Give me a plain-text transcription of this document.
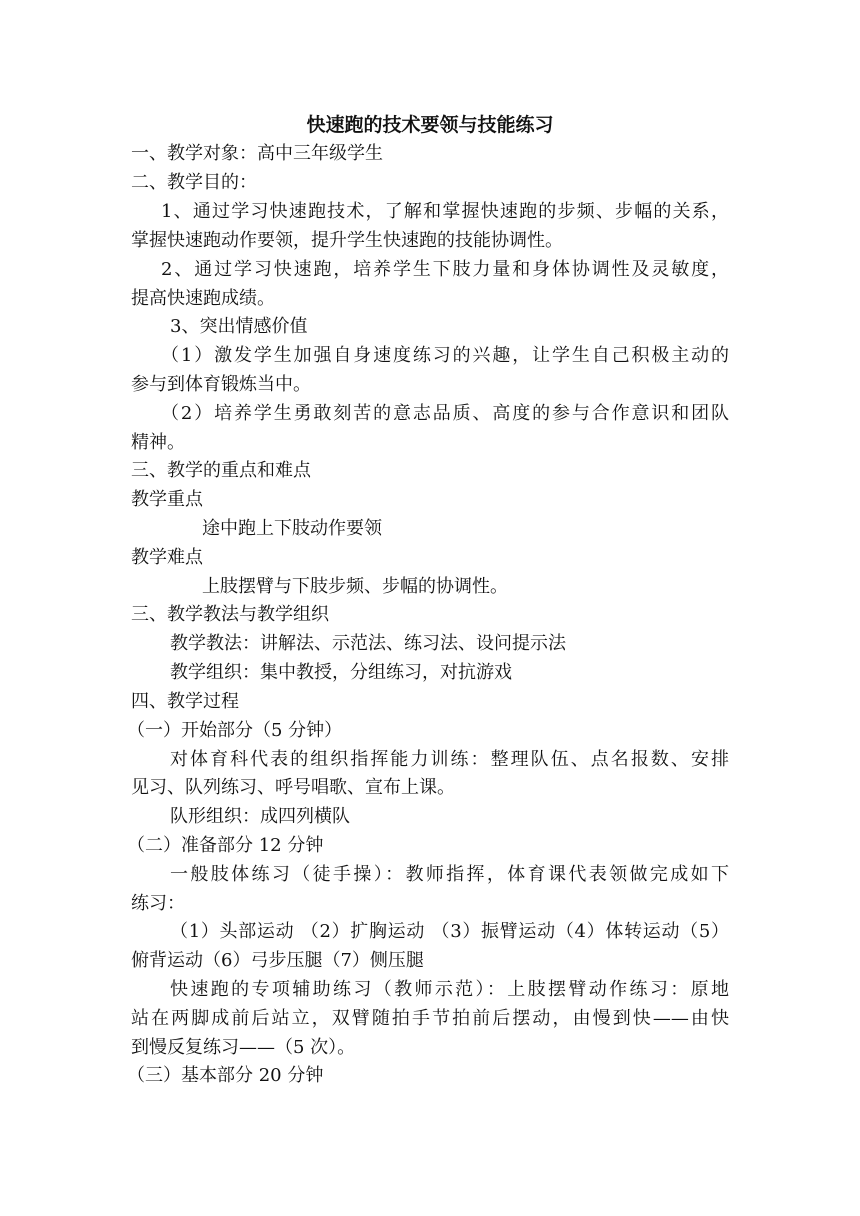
快速跑的技术要领与技能练习
一、教学对象：高中三年级学生
二、教学目的：
1、通过学习快速跑技术，了解和掌握快速跑的步频、步幅的关系，
掌握快速跑动作要领，提升学生快速跑的技能协调性。
2、通过学习快速跑，培养学生下肢力量和身体协调性及灵敏度，
提高快速跑成绩。
3、突出情感价值
（1）激发学生加强自身速度练习的兴趣，让学生自己积极主动的
参与到体育锻炼当中。
（2）培养学生勇敢刻苦的意志品质、高度的参与合作意识和团队
精神。
三、教学的重点和难点
教学重点
途中跑上下肢动作要领
教学难点
上肢摆臂与下肢步频、步幅的协调性。
三、教学教法与教学组织
教学教法：讲解法、示范法、练习法、设问提示法
教学组织：集中教授，分组练习，对抗游戏
四、教学过程
（一）开始部分（5 分钟）
对体育科代表的组织指挥能力训练：整理队伍、点名报数、安排
见习、队列练习、呼号唱歌、宣布上课。
队形组织：成四列横队
（二）准备部分 12 分钟
一般肢体练习（徒手操）：教师指挥，体育课代表领做完成如下
练习：
（1）头部运动 （2）扩胸运动 （3）振臂运动（4）体转运动（5）
俯背运动（6）弓步压腿（7）侧压腿
快速跑的专项辅助练习（教师示范）：上肢摆臂动作练习：原地
站在两脚成前后站立，双臂随拍手节拍前后摆动，由慢到快——由快
到慢反复练习——（5 次）。
（三）基本部分 20 分钟
